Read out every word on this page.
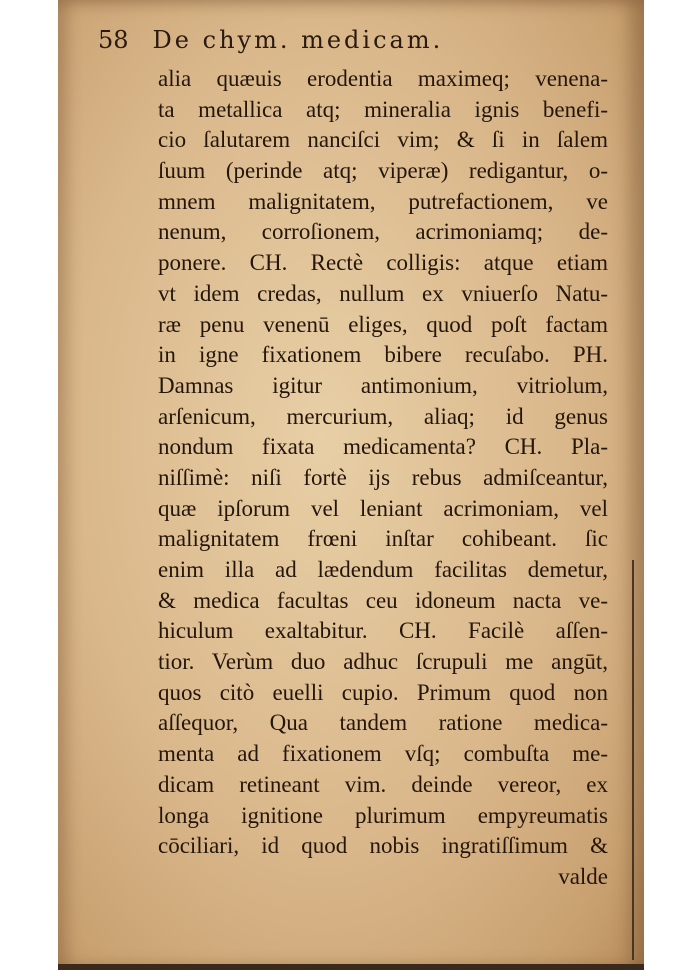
58 De chym. medicam.
alia quæuis erodentia maximeq; venena-
ta metallica atq; mineralia ignis benefi-
cio ſalutarem nanciſci vim; & ſi in ſalem
ſuum (perinde atq; viperæ) redigantur, o-
mnem malignitatem, putrefactionem, ve
nenum, corroſionem, acrimoniamq; de-
ponere. CH. Rectè colligis: atque etiam
vt idem credas, nullum ex vniuerſo Natu-
ræ penu venenū eliges, quod poſt factam
in igne fixationem bibere recuſabo. PH.
Damnas igitur antimonium, vitriolum,
arſenicum, mercurium, aliaq; id genus
nondum fixata medicamenta? CH. Pla-
niſſimè: niſi fortè ijs rebus admiſceantur,
quæ ipſorum vel leniant acrimoniam, vel
malignitatem frœni inſtar cohibeant. ſic
enim illa ad lædendum facilitas demetur,
& medica facultas ceu idoneum nacta ve-
hiculum exaltabitur. CH. Facilè aſſen-
tior. Verùm duo adhuc ſcrupuli me angūt,
quos citò euelli cupio. Primum quod non
aſſequor, Qua tandem ratione medica-
menta ad fixationem vſq; combuſta me-
dicam retineant vim. deinde vereor, ex
longa ignitione plurimum empyreumatis
cōciliari, id quod nobis ingratiſſimum &
valde
